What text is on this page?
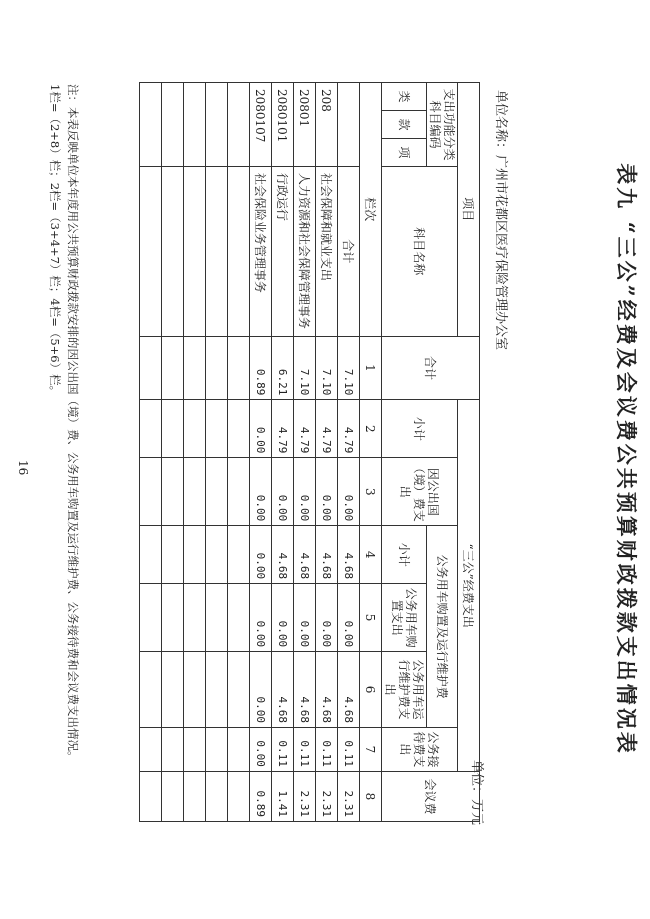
表九 “三公”经费及会议费公共预算财政拨款支出情况表
单位名称：广州市花都区医疗保险管理办公室
单位：万元
项目				合计	“三公”经费支出						会议费
支出功能分类科目编码			科目名称		小计	因公出国（境）费支出	公务用车购置及运行维护费			公务接待费支出	
类	款	项					小计	公务用车购置支出	公务用车运行维护费支出		
栏次				1	2	3	4	5	6	7	8
			合计	7.10	4.79	0.00	4.68	0.00	4.68	0.11	2.31
208			社会保障和就业支出	7.10	4.79	0.00	4.68	0.00	4.68	0.11	2.31
20801			人力资源和社会保障管理事务	7.10	4.79	0.00	4.68	0.00	4.68	0.11	2.31
2080101			行政运行	6.21	4.79	0.00	4.68	0.00	4.68	0.11	1.41
2080107			社会保险业务管理事务	0.89	0.00	0.00	0.00	0.00	0.00	0.00	0.89

注：本表反映单位本年度用公共预算财政拨款安排的因公出国（境）费、公务用车购置及运行维护费、公务接待费和会议费支出情况。
1栏=（2+8）栏；2栏=（3+4+7）栏；4栏=（5+6）栏。
16
